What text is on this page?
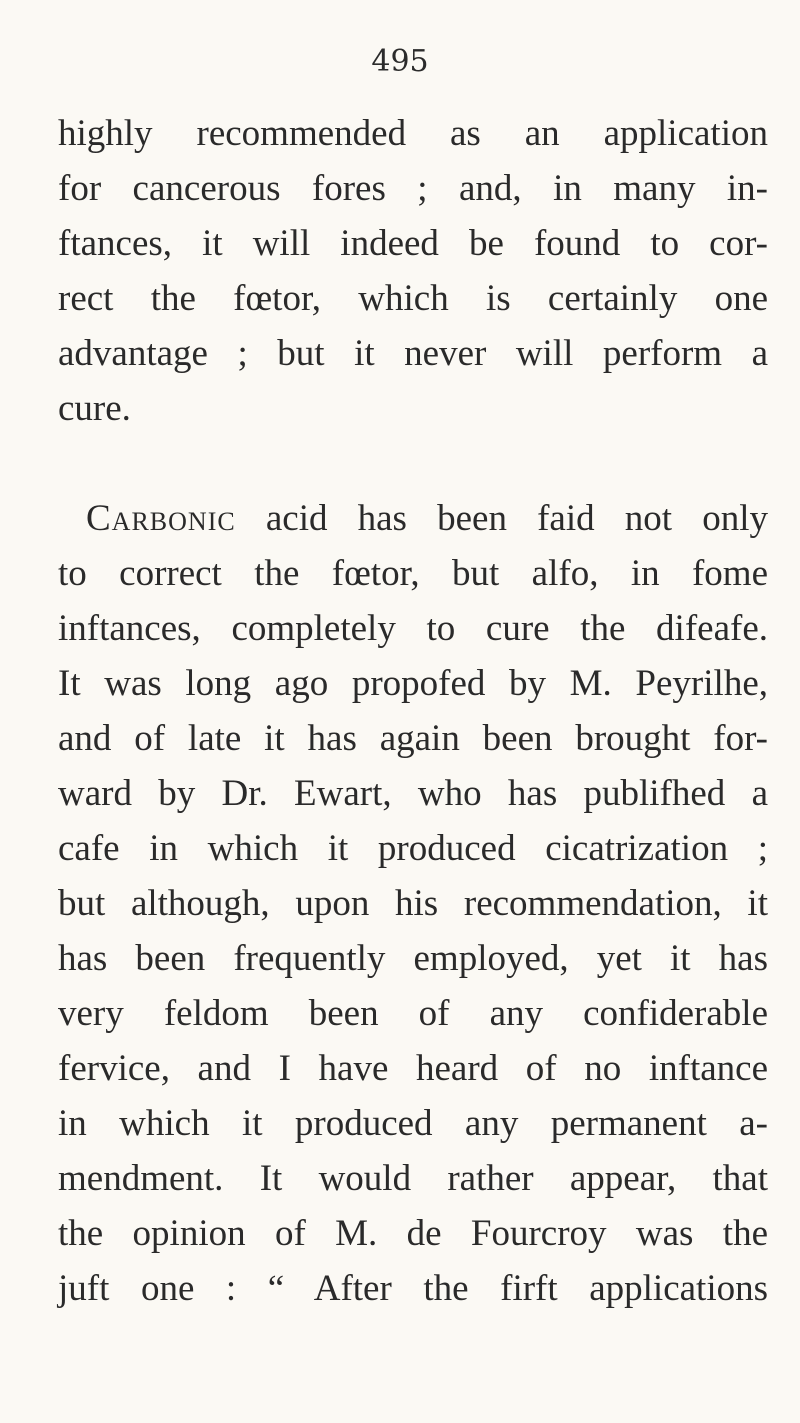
495

highly recommended as an application
for cancerous fores ; and, in many in-
ftances, it will indeed be found to cor-
rect the fœtor, which is certainly one
advantage ; but it never will perform a
cure.
Carbonic acid has been faid not only
to correct the fœtor, but alfo, in fome
inftances, completely to cure the difeafe.
It was long ago propofed by M. Peyrilhe,
and of late it has again been brought for-
ward by Dr. Ewart, who has publifhed a
cafe in which it produced cicatrization ;
but although, upon his recommendation, it
has been frequently employed, yet it has
very feldom been of any confiderable
fervice, and I have heard of no inftance
in which it produced any permanent a-
mendment. It would rather appear, that
the opinion of M. de Fourcroy was the
juft one : “ After the firft applications
